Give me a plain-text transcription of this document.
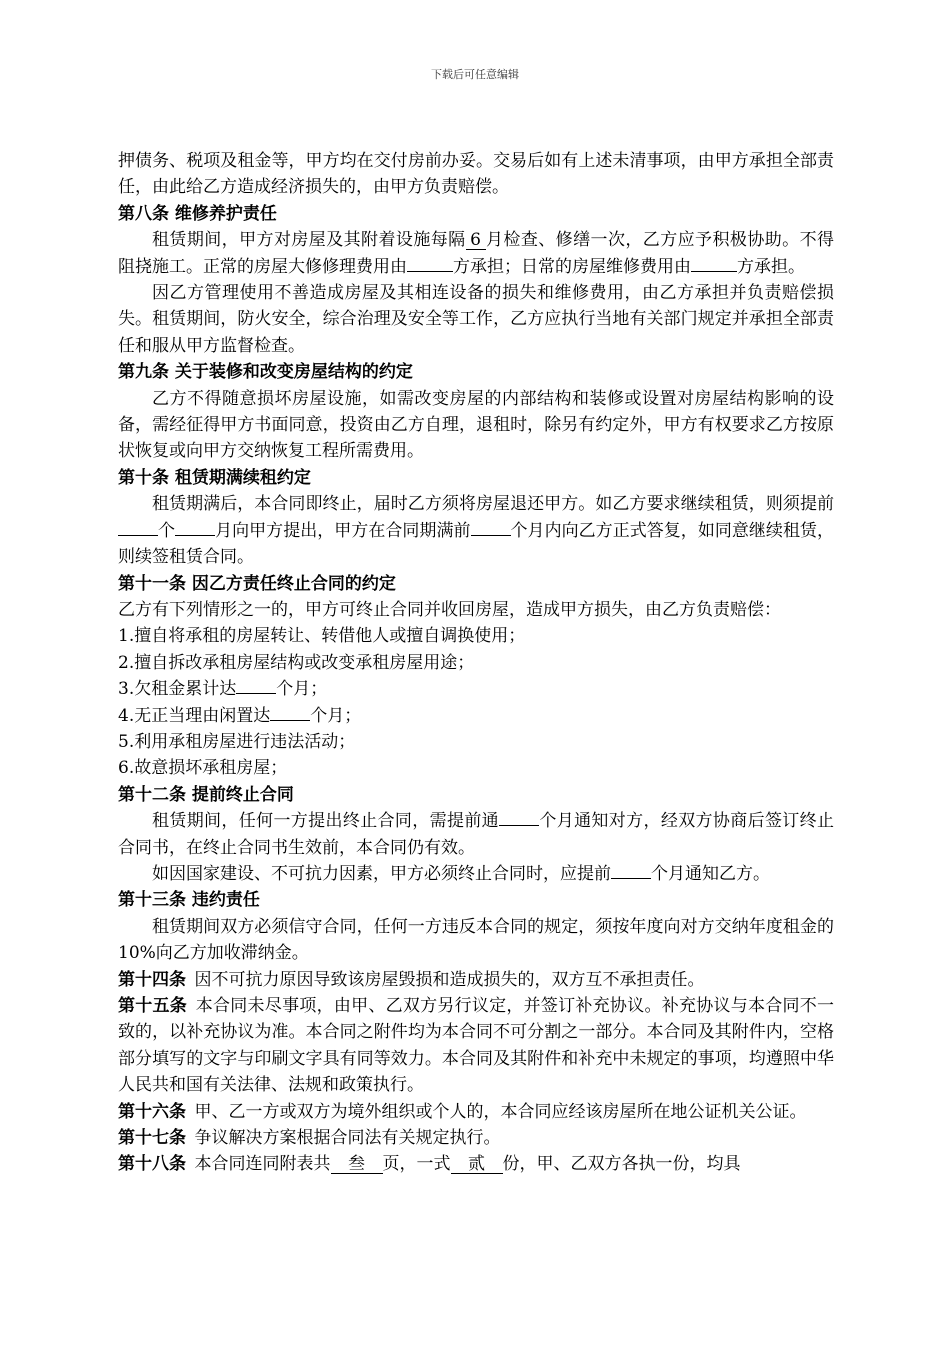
下载后可任意编辑

押债务、税项及租金等，甲方均在交付房前办妥。交易后如有上述未清事项，由甲方承担全部责任，由此给乙方造成经济损失的，由甲方负责赔偿。

第八条 维修养护责任

租赁期间，甲方对房屋及其附着设施每隔 6 月检查、修缮一次，乙方应予积极协助。不得阻挠施工。正常的房屋大修修理费用由	方承担；日常的房屋维修费用由	方承担。

因乙方管理使用不善造成房屋及其相连设备的损失和维修费用，由乙方承担并负责赔偿损失。租赁期间，防火安全，综合治理及安全等工作，乙方应执行当地有关部门规定并承担全部责任和服从甲方监督检查。

第九条 关于装修和改变房屋结构的约定

乙方不得随意损坏房屋设施，如需改变房屋的内部结构和装修或设置对房屋结构影响的设备，需经征得甲方书面同意，投资由乙方自理，退租时，除另有约定外，甲方有权要求乙方按原状恢复或向甲方交纳恢复工程所需费用。

第十条 租赁期满续租约定

租赁期满后，本合同即终止，届时乙方须将房屋退还甲方。如乙方要求继续租赁，则须提前个 月向甲方提出，甲方在合同期满前 个月内向乙方正式答复，如同意继续租赁，则续签租赁合同。

第十一条 因乙方责任终止合同的约定

乙方有下列情形之一的，甲方可终止合同并收回房屋，造成甲方损失，由乙方负责赔偿：

1.擅自将承租的房屋转让、转借他人或擅自调换使用；

2.擅自拆改承租房屋结构或改变承租房屋用途；

3.欠租金累计达 个月；

4.无正当理由闲置达 个月；

5.利用承租房屋进行违法活动；

6.故意损坏承租房屋；

第十二条 提前终止合同

租赁期间，任何一方提出终止合同，需提前通 个月通知对方，经双方协商后签订终止合同书，在终止合同书生效前，本合同仍有效。

如因国家建设、不可抗力因素，甲方必须终止合同时，应提前 个月通知乙方。

第十三条 违约责任

租赁期间双方必须信守合同，任何一方违反本合同的规定，须按年度向对方交纳年度租金的10%向乙方加收滞纳金。

第十四条  因不可抗力原因导致该房屋毁损和造成损失的，双方互不承担责任。

第十五条  本合同未尽事项，由甲、乙双方另行议定，并签订补充协议。补充协议与本合同不一致的，以补充协议为准。本合同之附件均为本合同不可分割之一部分。本合同及其附件内，空格部分填写的文字与印刷文字具有同等效力。本合同及其附件和补充中未规定的事项，均遵照中华人民共和国有关法律、法规和政策执行。

第十六条  甲、乙一方或双方为境外组织或个人的，本合同应经该房屋所在地公证机关公证。

第十七条  争议解决方案根据合同法有关规定执行。

第十八条  本合同连同附表共 叁 页，一式 贰 份，甲、乙双方各执一份，均具
